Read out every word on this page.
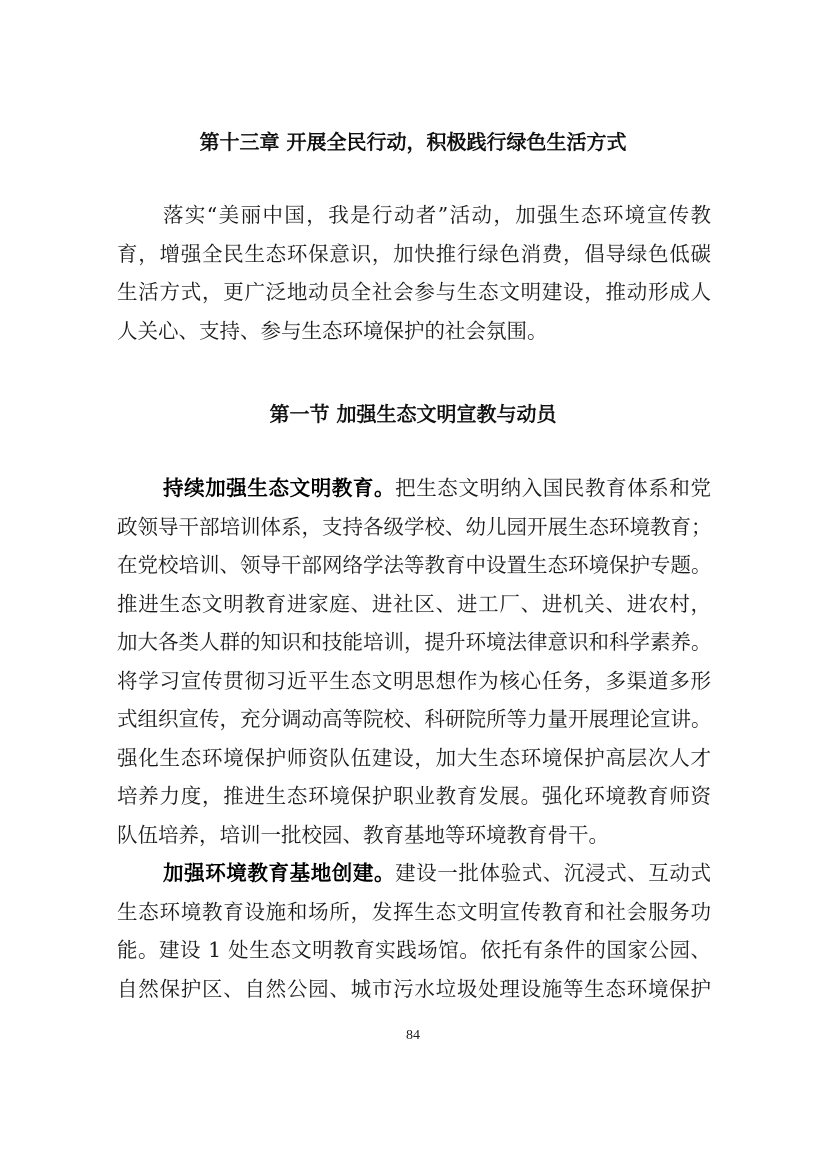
第十三章 开展全民行动，积极践行绿色生活方式
落实“美丽中国，我是行动者”活动，加强生态环境宣传教
育，增强全民生态环保意识，加快推行绿色消费，倡导绿色低碳
生活方式，更广泛地动员全社会参与生态文明建设，推动形成人
人关心、支持、参与生态环境保护的社会氛围。
第一节 加强生态文明宣教与动员
持续加强生态文明教育。把生态文明纳入国民教育体系和党
政领导干部培训体系，支持各级学校、幼儿园开展生态环境教育；
在党校培训、领导干部网络学法等教育中设置生态环境保护专题。
推进生态文明教育进家庭、进社区、进工厂、进机关、进农村，
加大各类人群的知识和技能培训，提升环境法律意识和科学素养。
将学习宣传贯彻习近平生态文明思想作为核心任务，多渠道多形
式组织宣传，充分调动高等院校、科研院所等力量开展理论宣讲。
强化生态环境保护师资队伍建设，加大生态环境保护高层次人才
培养力度，推进生态环境保护职业教育发展。强化环境教育师资
队伍培养，培训一批校园、教育基地等环境教育骨干。
加强环境教育基地创建。建设一批体验式、沉浸式、互动式
生态环境教育设施和场所，发挥生态文明宣传教育和社会服务功
能。建设 1 处生态文明教育实践场馆。依托有条件的国家公园、
自然保护区、自然公园、城市污水垃圾处理设施等生态环境保护
84
